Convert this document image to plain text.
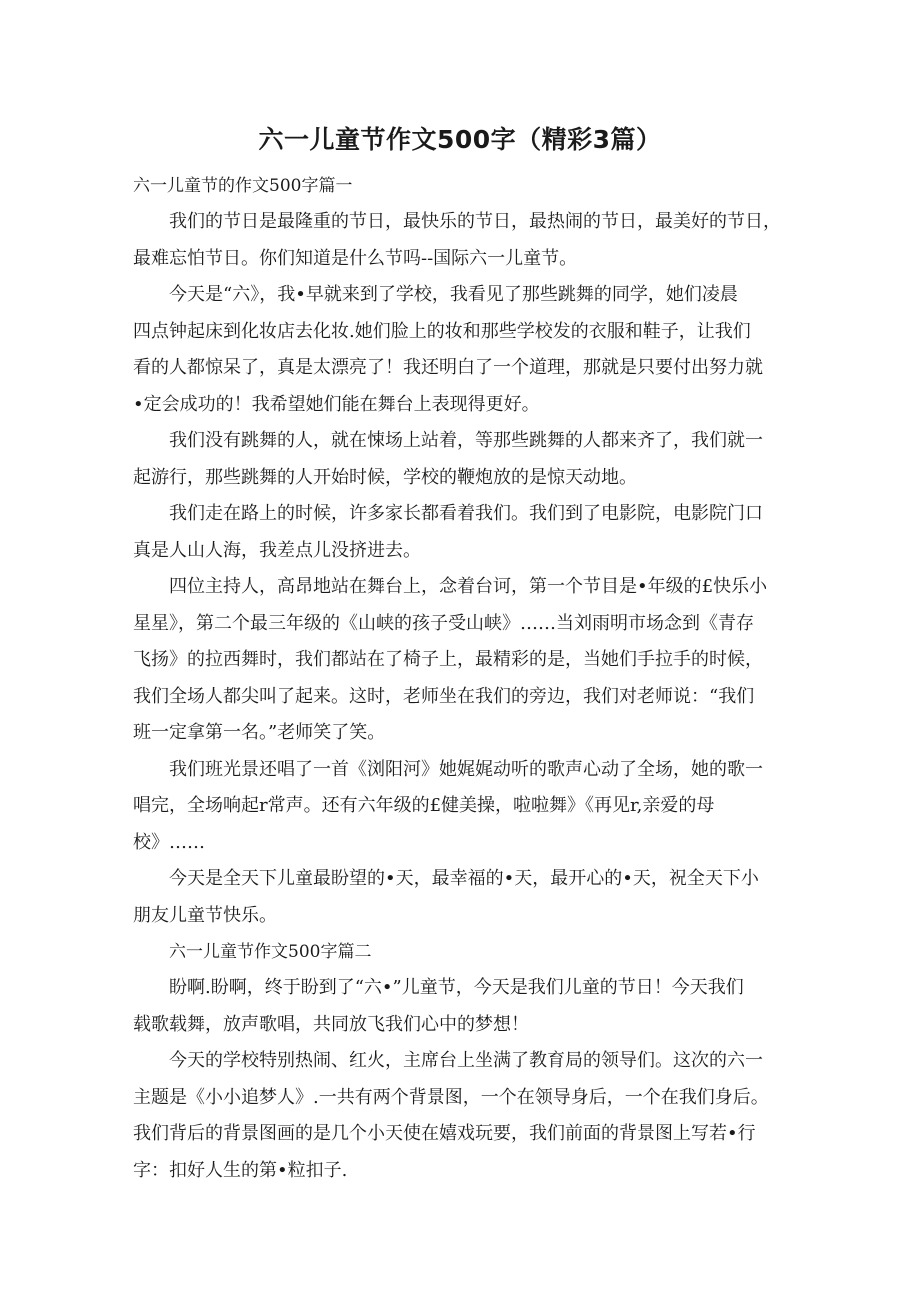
六一儿童节作文500字（精彩3篇）

六一儿童节的作文500字篇一

我们的节日是最隆重的节日，最快乐的节日，最热闹的节日，最美好的节日，
最难忘怕节日。你们知道是什么节吗--国际六一儿童节。

今天是“六》，我•早就来到了学校，我看见了那些跳舞的同学，她们凌晨
四点钟起床到化妆店去化妆.她们脸上的妆和那些学校发的衣服和鞋子，让我们
看的人都惊呆了，真是太漂亮了！我还明白了一个道理，那就是只要付出努力就
•定会成功的！我希望她们能在舞台上表现得更好。

我们没有跳舞的人，就在悚场上站着，等那些跳舞的人都来齐了，我们就一
起游行，那些跳舞的人开始时候，学校的鞭炮放的是惊天动地。

我们走在路上的时候，许多家长都看着我们。我们到了电影院，电影院门口
真是人山人海，我差点儿没挤进去。

四位主持人，高昂地站在舞台上，念着台诃，第一个节目是•年级的£快乐小
星星》，第二个最三年级的《山峡的孩子受山峡》……当刘雨明市场念到《青存
飞扬》的拉西舞时，我们都站在了椅子上，最精彩的是，当她们手拉手的时候，
我们全场人都尖叫了起来。这时，老师坐在我们的旁边，我们对老师说：“我们
班一定拿第一名。”老师笑了笑。

我们班光景还唱了一首《浏阳河》她娓娓动听的歌声心动了全场，她的歌一
唱完，全场响起r常声。还有六年级的£健美操，啦啦舞》《再见r,亲爱的母
校》……

今天是全天下儿童最盼望的•天，最幸福的•天，最开心的•天，祝全天下小
朋友儿童节快乐。

六一儿童节作文500字篇二

盼啊.盼啊，终于盼到了“六•”儿童节，今天是我们儿童的节日！今天我们
载歌载舞，放声歌唱，共同放飞我们心中的梦想！

今天的学校特别热闹、红火，主席台上坐满了教育局的领导们。这次的六一
主题是《小小追梦人》.一共有两个背景图，一个在领导身后，一个在我们身后。
我们背后的背景图画的是几个小天使在嬉戏玩要，我们前面的背景图上写若•行
字：扣好人生的第•粒扣子.
